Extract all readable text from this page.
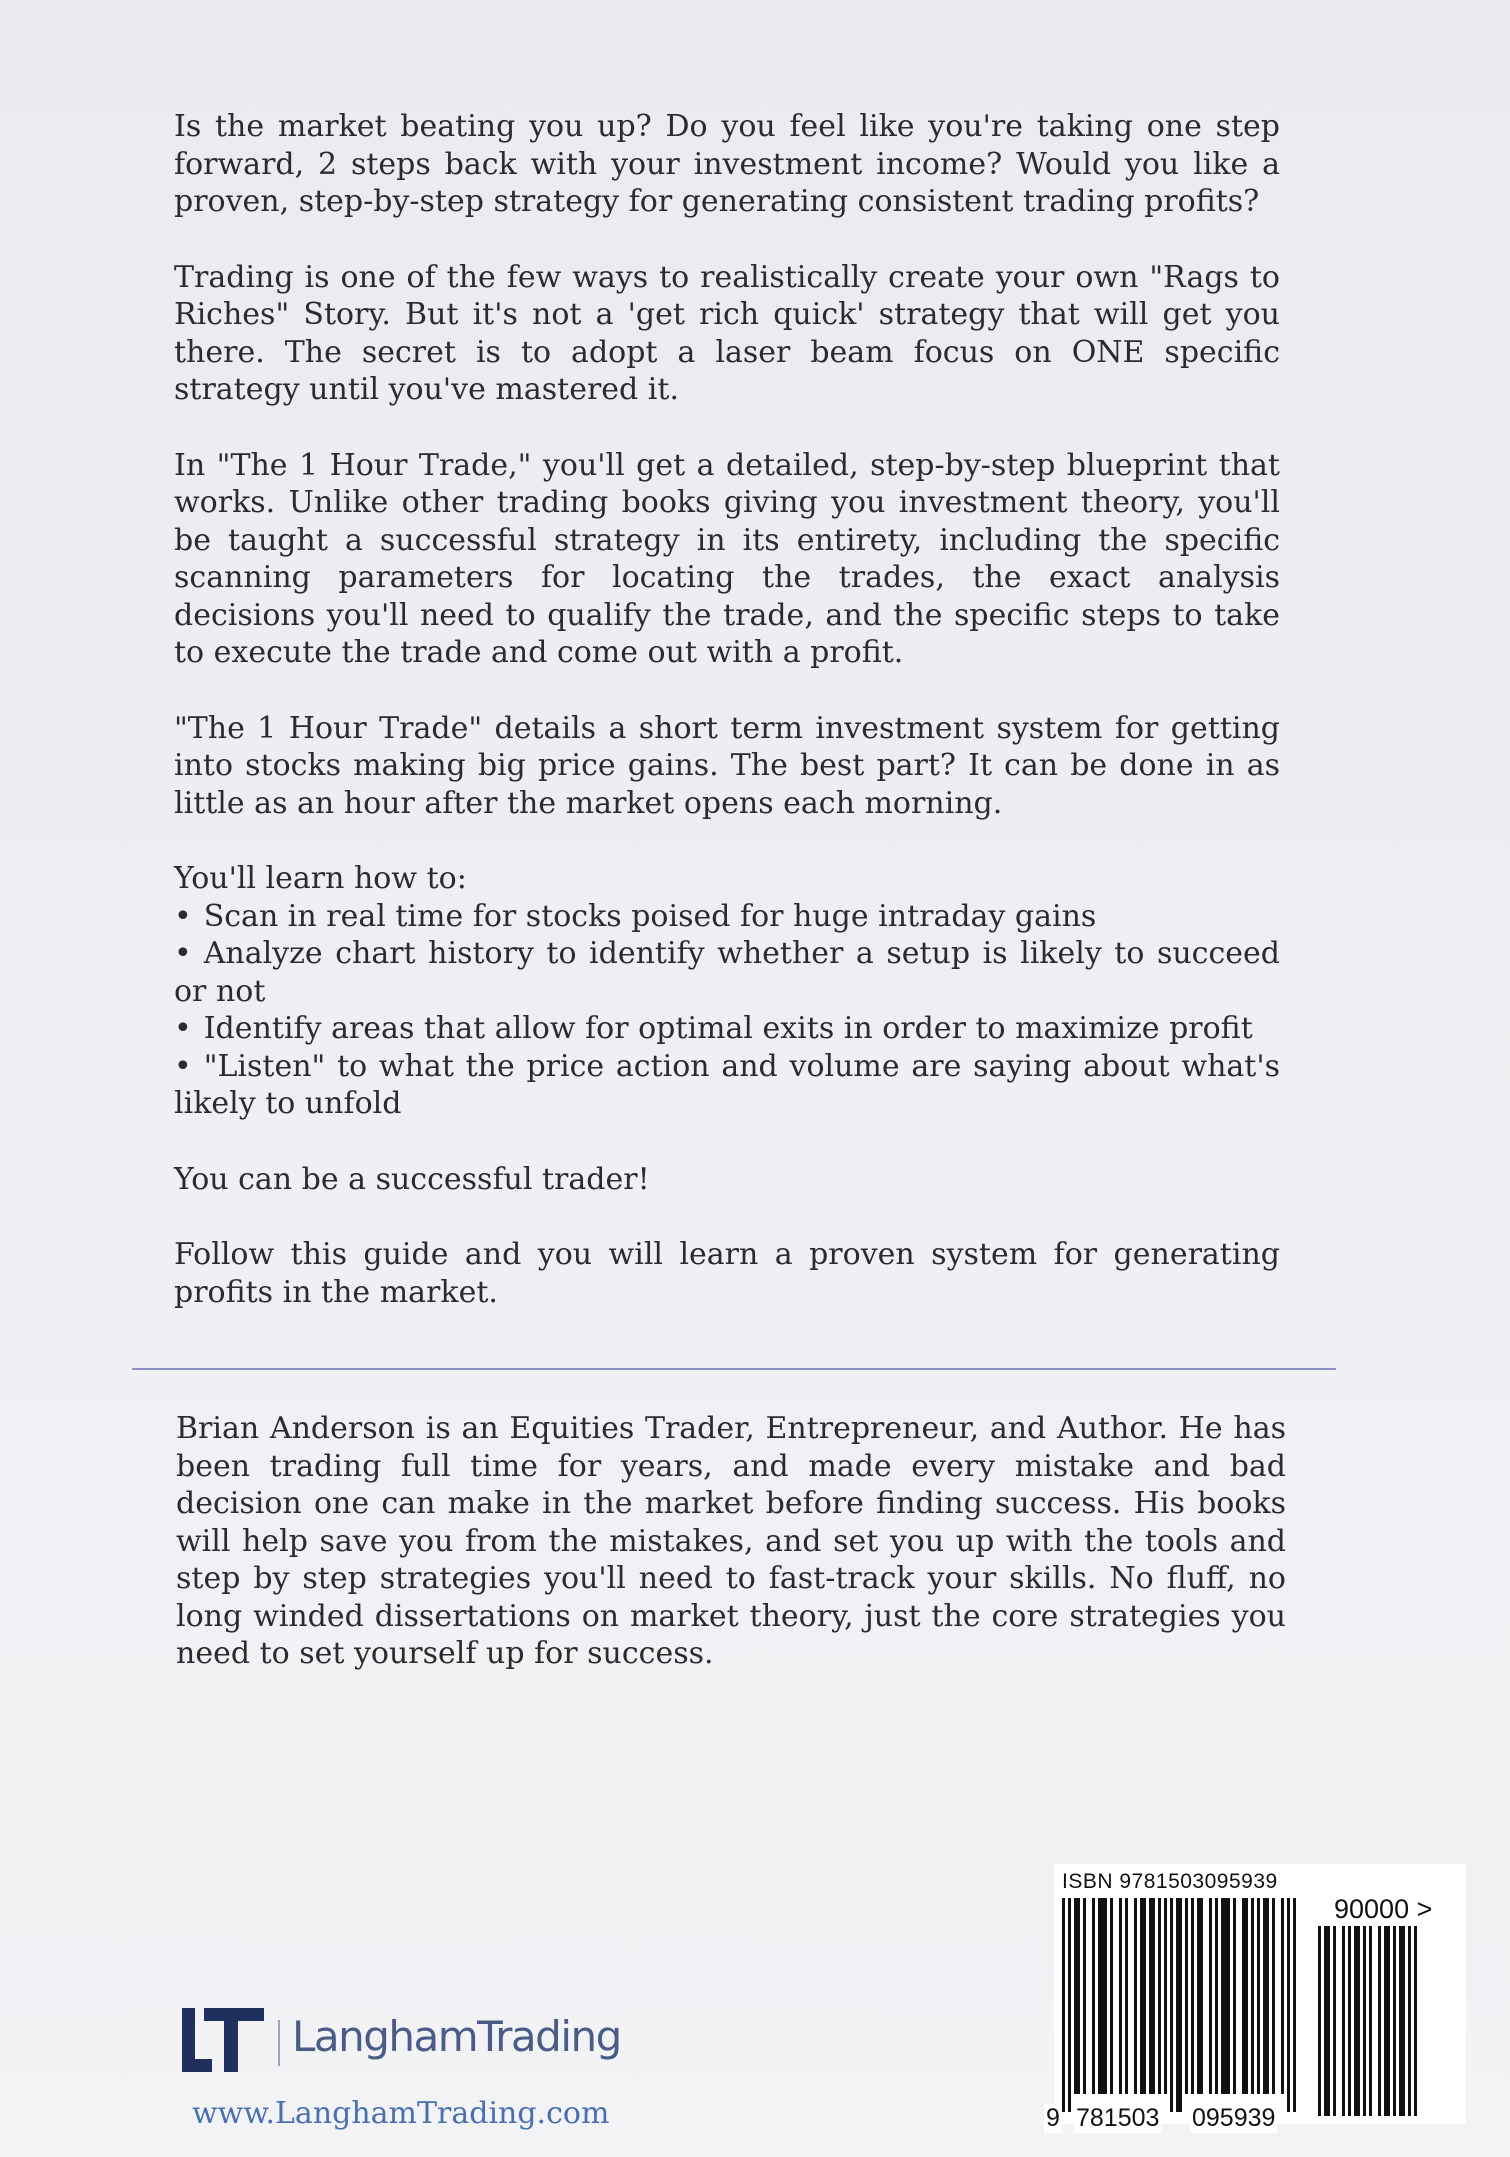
Is the market beating you up? Do you feel like you're taking one step forward, 2 steps back with your investment income? Would you like a proven, step-by-step strategy for generating consistent trading profits?

Trading is one of the few ways to realistically create your own "Rags to Riches" Story. But it's not a 'get rich quick' strategy that will get you there. The secret is to adopt a laser beam focus on ONE specific strategy until you've mastered it.

In "The 1 Hour Trade," you'll get a detailed, step-by-step blueprint that works. Unlike other trading books giving you investment theory, you'll be taught a successful strategy in its entirety, including the specific scanning parameters for locating the trades, the exact analysis decisions you'll need to qualify the trade, and the specific steps to take to execute the trade and come out with a profit.

"The 1 Hour Trade" details a short term investment system for getting into stocks making big price gains. The best part? It can be done in as little as an hour after the market opens each morning.

You'll learn how to:

• Scan in real time for stocks poised for huge intraday gains
• Analyze chart history to identify whether a setup is likely to succeed or not
• Identify areas that allow for optimal exits in order to maximize profit
• "Listen" to what the price action and volume are saying about what's likely to unfold

You can be a successful trader!

Follow this guide and you will learn a proven system for generating profits in the market.

Brian Anderson is an Equities Trader, Entrepreneur, and Author. He has been trading full time for years, and made every mistake and bad decision one can make in the market before finding success. His books will help save you from the mistakes, and set you up with the tools and step by step strategies you'll need to fast-track your skills. No fluff, no long winded dissertations on market theory, just the core strategies you need to set yourself up for success.

LanghamTrading
www.LanghamTrading.com
ISBN 9781503095939
90000 >
9 781503 095939
